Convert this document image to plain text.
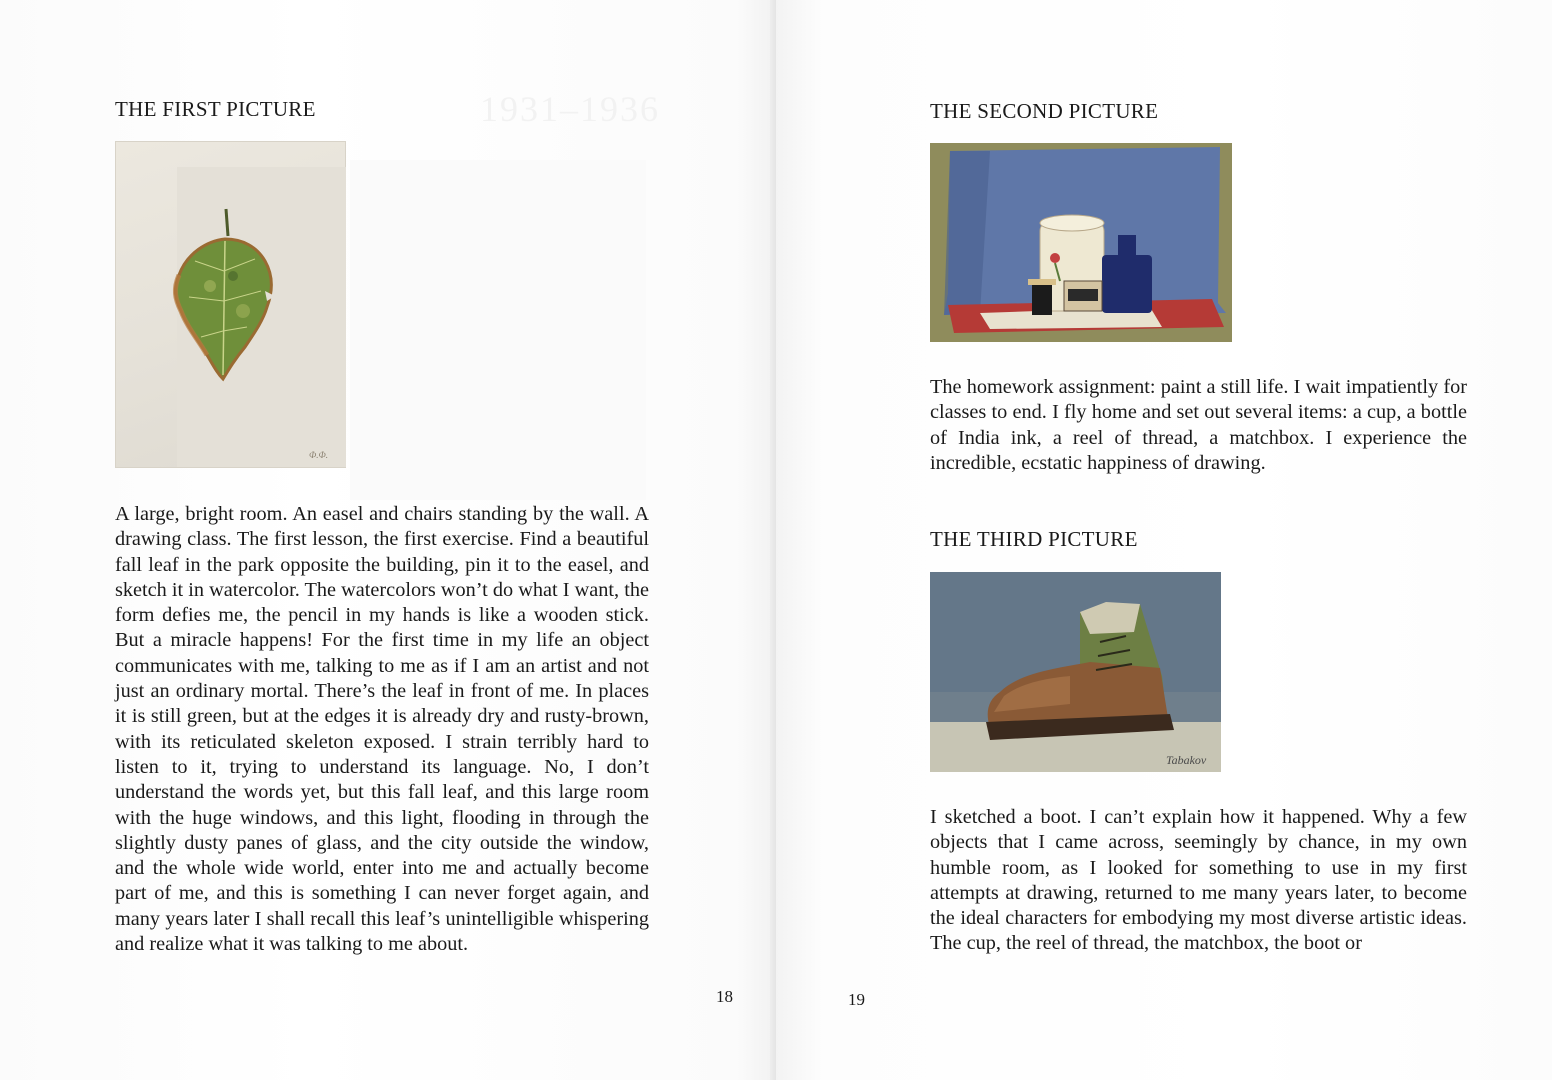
1931–1936
THE FIRST PICTURE
Ф.Ф.

A large, bright room. An easel and chairs standing by the wall. A drawing class. The first lesson, the first exercise. Find a beautiful fall leaf in the park opposite the building, pin it to the easel, and sketch it in watercolor. The watercolors won’t do what I want, the form defies me, the pencil in my hands is like a wooden stick. But a miracle happens! For the first time in my life an object communicates with me, talking to me as if I am an artist and not just an ordinary mortal. There’s the leaf in front of me. In places it is still green, but at the edges it is already dry and rusty-brown, with its reticulated skeleton exposed. I strain terribly hard to listen to it, trying to understand its language. No, I don’t understand the words yet, but this fall leaf, and this large room with the huge windows, and this light, flooding in through the slightly dusty panes of glass, and the city outside the window, and the whole wide world, enter into me and actually become part of me, and this is something I can never forget again, and many years later I shall recall this leaf’s unintelligible whispering and realize what it was talking to me about.

18	19
THE SECOND PICTURE

The homework assignment: paint a still life. I wait impatiently for classes to end. I fly home and set out several items: a cup, a bottle of India ink, a reel of thread, a matchbox. I experience the incredible, ecstatic happiness of drawing.

THE THIRD PICTURE
Tabakov

I sketched a boot. I can’t explain how it happened. Why a few objects that I came across, seemingly by chance, in my own humble room, as I looked for something to use in my first attempts at drawing, returned to me many years later, to become the ideal characters for embodying my most diverse artistic ideas. The cup, the reel of thread, the matchbox, the boot or
